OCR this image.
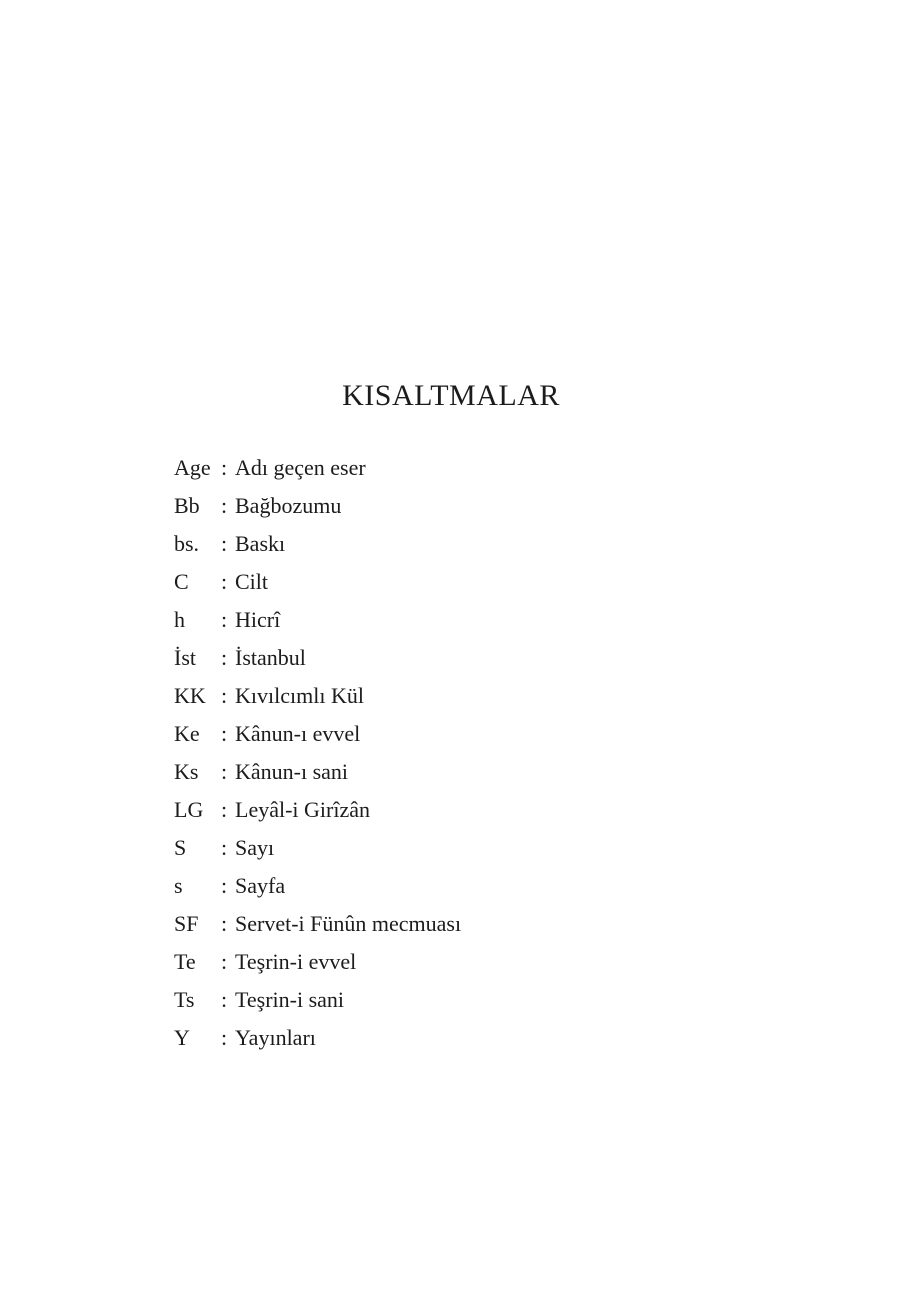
KISALTMALAR
Age : Adı geçen eser
Bb : Bağbozumu
bs. : Baskı
C	: Cilt
h	: Hicrî
İst	: İstanbul
KK : Kıvılcımlı Kül
Ke : Kânun-ı evvel
Ks	: Kânun-ı sani
LG : Leyâl-i Girîzân
S	: Sayı
s	: Sayfa
SF	: Servet-i Fünûn mecmuası
Te	: Teşrin-i evvel
Ts	: Teşrin-i sani
Y	: Yayınları
